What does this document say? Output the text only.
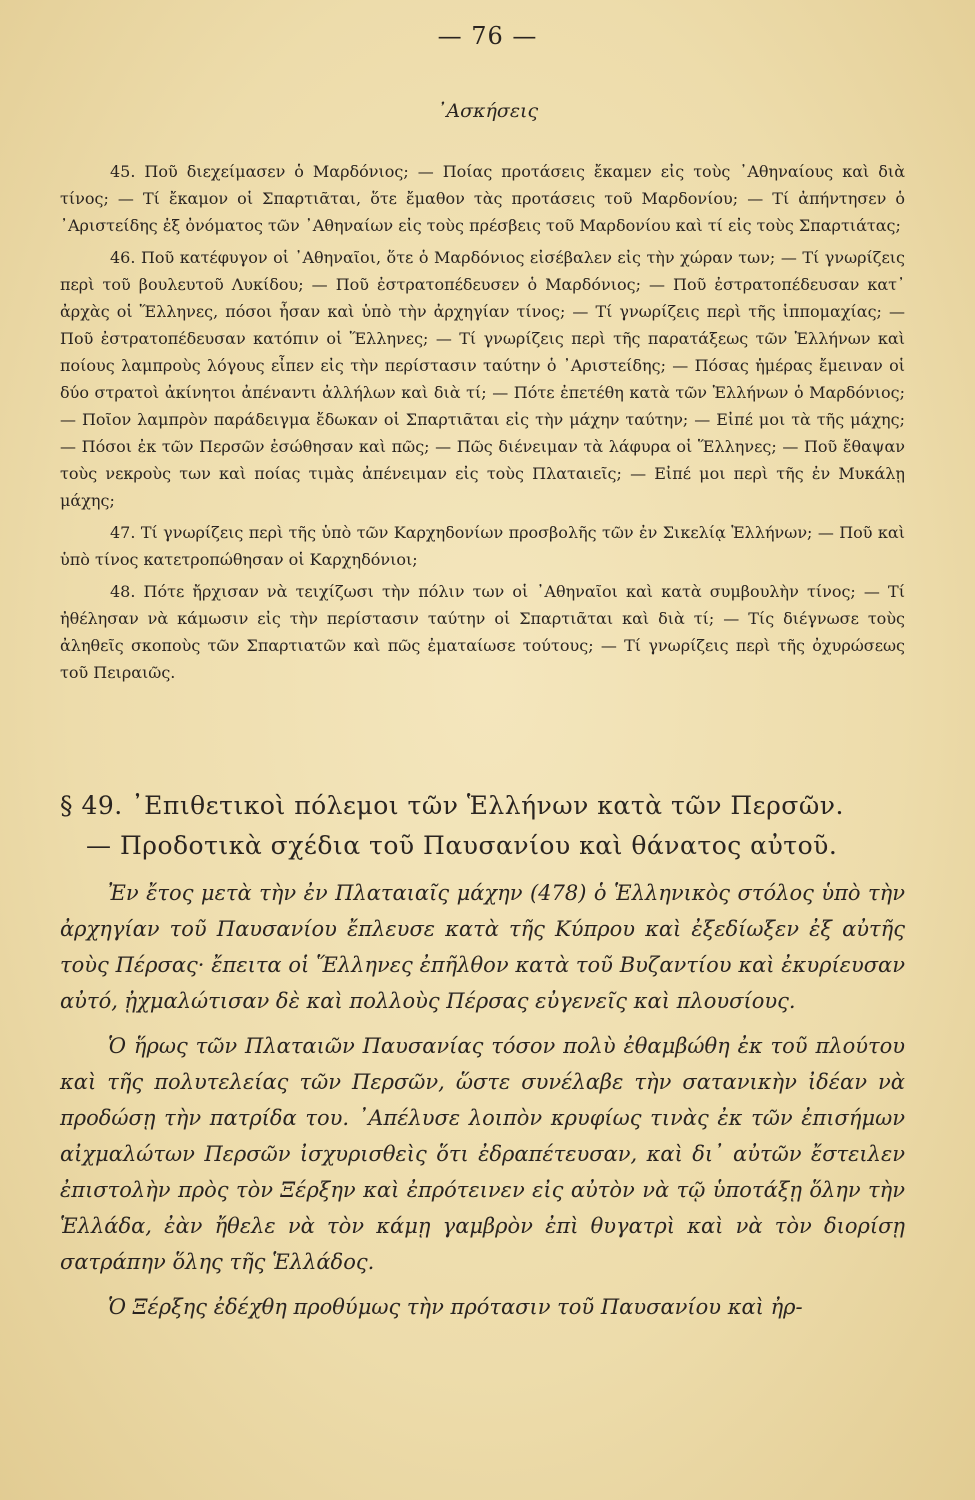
— 76 —
᾿Ασκήσεις

45. Ποῦ διεχείμασεν ὁ Μαρδόνιος; — Ποίας προτάσεις ἔκαμεν εἰς τοὺς ᾿Αθηναίους καὶ διὰ τίνος; — Τί ἔκαμον οἱ Σπαρτιᾶται, ὅτε ἔμαθον τὰς προτάσεις τοῦ Μαρδονίου; — Τί ἀπήντησεν ὁ ᾿Αριστείδης ἐξ ὀνόματος τῶν ᾿Αθηναίων εἰς τοὺς πρέσβεις τοῦ Μαρδονίου καὶ τί εἰς τοὺς Σπαρτιάτας;

46. Ποῦ κατέφυγον οἱ ᾿Αθηναῖοι, ὅτε ὁ Μαρδόνιος εἰσέβαλεν εἰς τὴν χώραν των; — Τί γνωρίζεις περὶ τοῦ βουλευτοῦ Λυκίδου; — Ποῦ ἐστρατοπέδευσεν ὁ Μαρδόνιος; — Ποῦ ἐστρατοπέδευσαν κατ᾿ ἀρχὰς οἱ Ἕλληνες, πόσοι ἦσαν καὶ ὑπὸ τὴν ἀρχηγίαν τίνος; — Τί γνωρίζεις περὶ τῆς ἱππομαχίας; — Ποῦ ἐστρατοπέδευσαν κατόπιν οἱ Ἕλληνες; — Τί γνωρίζεις περὶ τῆς παρατάξεως τῶν Ἑλλήνων καὶ ποίους λαμπροὺς λόγους εἶπεν εἰς τὴν περίστασιν ταύτην ὁ ᾿Αριστείδης; — Πόσας ἡμέρας ἔμειναν οἱ δύο στρατοὶ ἀκίνητοι ἀπέναντι ἀλλήλων καὶ διὰ τί; — Πότε ἐπετέθη κατὰ τῶν Ἑλλήνων ὁ Μαρδόνιος; — Ποῖον λαμπρὸν παράδειγμα ἔδωκαν οἱ Σπαρτιᾶται εἰς τὴν μάχην ταύτην; — Εἰπέ μοι τὰ τῆς μάχης; — Πόσοι ἐκ τῶν Περσῶν ἐσώθησαν καὶ πῶς; — Πῶς διένειμαν τὰ λάφυρα οἱ Ἕλληνες; — Ποῦ ἔθαψαν τοὺς νεκροὺς των καὶ ποίας τιμὰς ἀπένειμαν εἰς τοὺς Πλαταιεῖς; — Εἰπέ μοι περὶ τῆς ἐν Μυκάλῃ μάχης;

47. Τί γνωρίζεις περὶ τῆς ὑπὸ τῶν Καρχηδονίων προσβολῆς τῶν ἐν Σικελίᾳ Ἑλλήνων; — Ποῦ καὶ ὑπὸ τίνος κατετροπώθησαν οἱ Καρχηδόνιοι;

48. Πότε ἤρχισαν νὰ τειχίζωσι τὴν πόλιν των οἱ ᾿Αθηναῖοι καὶ κατὰ συμβουλὴν τίνος; — Τί ἠθέλησαν νὰ κάμωσιν εἰς τὴν περίστασιν ταύτην οἱ Σπαρτιᾶται καὶ διὰ τί; — Τίς διέγνωσε τοὺς ἀληθεῖς σκοποὺς τῶν Σπαρτιατῶν καὶ πῶς ἐματαίωσε τούτους; — Τί γνωρίζεις περὶ τῆς ὀχυρώσεως τοῦ Πειραιῶς.

§ 49. ᾿Επιθετικοὶ πόλεμοι τῶν Ἑλλήνων κατὰ τῶν Περσῶν.
— Προδοτικὰ σχέδια τοῦ Παυσανίου καὶ θάνατος αὐτοῦ.

Ἐν ἔτος μετὰ τὴν ἐν Πλαταιαῖς μάχην (478) ὁ Ἑλληνικὸς στόλος ὑπὸ τὴν ἀρχηγίαν τοῦ Παυσανίου ἔπλευσε κατὰ τῆς Κύπρου καὶ ἐξεδίωξεν ἐξ αὐτῆς τοὺς Πέρσας· ἔπειτα οἱ Ἕλληνες ἐπῆλθον κατὰ τοῦ Βυζαντίου καὶ ἐκυρίευσαν αὐτό, ᾐχμαλώτισαν δὲ καὶ πολλοὺς Πέρσας εὐγενεῖς καὶ πλουσίους.

Ὁ ἥρως τῶν Πλαταιῶν Παυσανίας τόσον πολὺ ἐθαμβώθη ἐκ τοῦ πλούτου καὶ τῆς πολυτελείας τῶν Περσῶν, ὥστε συνέλαβε τὴν σατανικὴν ἰδέαν νὰ προδώσῃ τὴν πατρίδα του. ᾿Απέλυσε λοιπὸν κρυφίως τινὰς ἐκ τῶν ἐπισήμων αἰχμαλώτων Περσῶν ἰσχυρισθεὶς ὅτι ἐδραπέτευσαν, καὶ δι᾿ αὐτῶν ἔστειλεν ἐπιστολὴν πρὸς τὸν Ξέρξην καὶ ἐπρότεινεν εἰς αὐτὸν νὰ τῷ ὑποτάξῃ ὅλην τὴν Ἑλλάδα, ἐὰν ἤθελε νὰ τὸν κάμῃ γαμβρὸν ἐπὶ θυγατρὶ καὶ νὰ τὸν διορίσῃ σατράπην ὅλης τῆς Ἑλλάδος.

Ὁ Ξέρξης ἐδέχθη προθύμως τὴν πρότασιν τοῦ Παυσανίου καὶ ἠρ-
